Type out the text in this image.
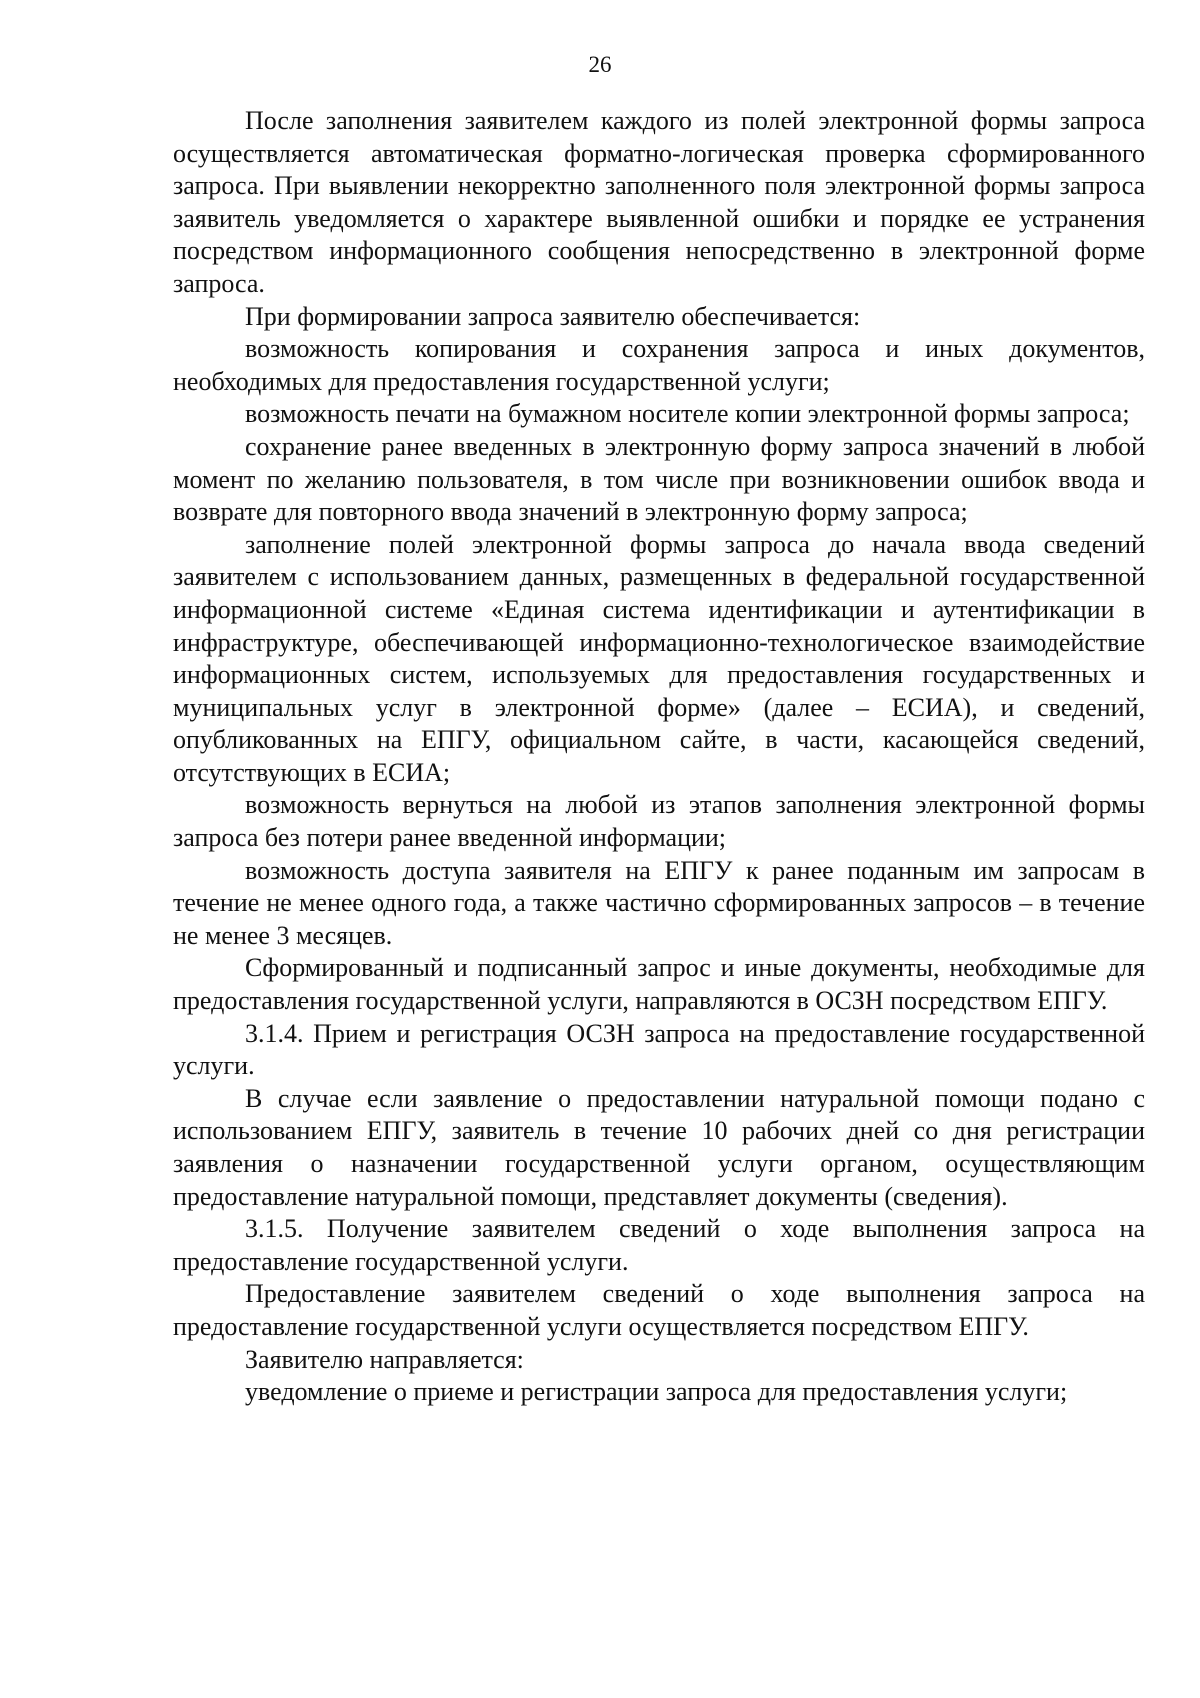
26

После заполнения заявителем каждого из полей электронной формы запроса осуществляется автоматическая форматно-логическая проверка сформированного запроса. При выявлении некорректно заполненного поля электронной формы запроса заявитель уведомляется о характере выявленной ошибки и порядке ее устранения посредством информационного сообщения непосредственно в электронной форме запроса.

При формировании запроса заявителю обеспечивается:

возможность копирования и сохранения запроса и иных документов, необходимых для предоставления государственной услуги;

возможность печати на бумажном носителе копии электронной формы запроса;

сохранение ранее введенных в электронную форму запроса значений в любой момент по желанию пользователя, в том числе при возникновении ошибок ввода и возврате для повторного ввода значений в электронную форму запроса;

заполнение полей электронной формы запроса до начала ввода сведений заявителем с использованием данных, размещенных в федеральной государственной информационной системе «Единая система идентификации и аутентификации в инфраструктуре, обеспечивающей информационно-технологическое взаимодействие информационных систем, используемых для предоставления государственных и муниципальных услуг в электронной форме» (далее – ЕСИА), и сведений, опубликованных на ЕПГУ, официальном сайте, в части, касающейся сведений, отсутствующих в ЕСИА;

возможность вернуться на любой из этапов заполнения электронной формы запроса без потери ранее введенной информации;

возможность доступа заявителя на ЕПГУ к ранее поданным им запросам в течение не менее одного года, а также частично сформированных запросов – в течение не менее 3 месяцев.

Сформированный и подписанный запрос и иные документы, необходимые для предоставления государственной услуги, направляются в ОСЗН посредством ЕПГУ.

3.1.4. Прием и регистрация ОСЗН запроса на предоставление государственной услуги.

В случае если заявление о предоставлении натуральной помощи подано с использованием ЕПГУ, заявитель в течение 10 рабочих дней со дня регистрации заявления о назначении государственной услуги органом, осуществляющим предоставление натуральной помощи, представляет документы (сведения).

3.1.5. Получение заявителем сведений о ходе выполнения запроса на предоставление государственной услуги.

Предоставление заявителем сведений о ходе выполнения запроса на предоставление государственной услуги осуществляется посредством ЕПГУ.

Заявителю направляется:

уведомление о приеме и регистрации запроса для предоставления услуги;
